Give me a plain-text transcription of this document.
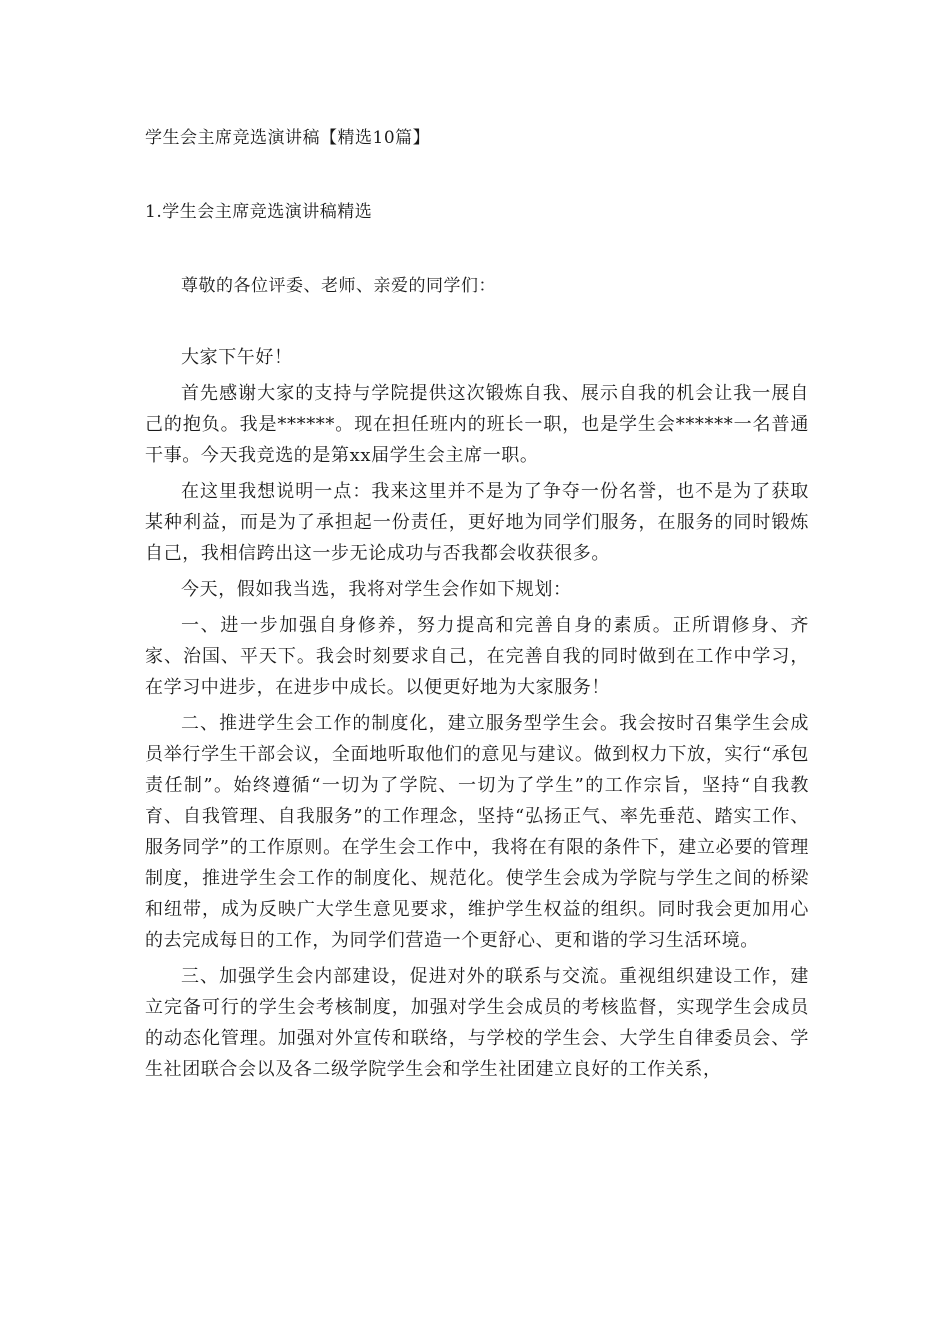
学生会主席竞选演讲稿【精选10篇】
1.学生会主席竞选演讲稿精选
尊敬的各位评委、老师、亲爱的同学们：

大家下午好！

首先感谢大家的支持与学院提供这次锻炼自我、展示自我的机会让我一展自己的抱负。我是******。现在担任班内的班长一职，也是学生会******一名普通干事。今天我竞选的是第xx届学生会主席一职。

在这里我想说明一点：我来这里并不是为了争夺一份名誉，也不是为了获取某种利益，而是为了承担起一份责任，更好地为同学们服务，在服务的同时锻炼自己，我相信跨出这一步无论成功与否我都会收获很多。

今天，假如我当选，我将对学生会作如下规划：

一、进一步加强自身修养，努力提高和完善自身的素质。正所谓修身、齐家、治国、平天下。我会时刻要求自己，在完善自我的同时做到在工作中学习，在学习中进步，在进步中成长。以便更好地为大家服务！

二、推进学生会工作的制度化，建立服务型学生会。我会按时召集学生会成员举行学生干部会议，全面地听取他们的意见与建议。做到权力下放，实行“承包责任制”。始终遵循“一切为了学院、一切为了学生”的工作宗旨，坚持“自我教育、自我管理、自我服务”的工作理念，坚持“弘扬正气、率先垂范、踏实工作、服务同学”的工作原则。在学生会工作中，我将在有限的条件下，建立必要的管理制度，推进学生会工作的制度化、规范化。使学生会成为学院与学生之间的桥梁和纽带，成为反映广大学生意见要求，维护学生权益的组织。同时我会更加用心的去完成每日的工作，为同学们营造一个更舒心、更和谐的学习生活环境。

三、加强学生会内部建设，促进对外的联系与交流。重视组织建设工作，建立完备可行的学生会考核制度，加强对学生会成员的考核监督，实现学生会成员的动态化管理。加强对外宣传和联络，与学校的学生会、大学生自律委员会、学生社团联合会以及各二级学院学生会和学生社团建立良好的工作关系，
